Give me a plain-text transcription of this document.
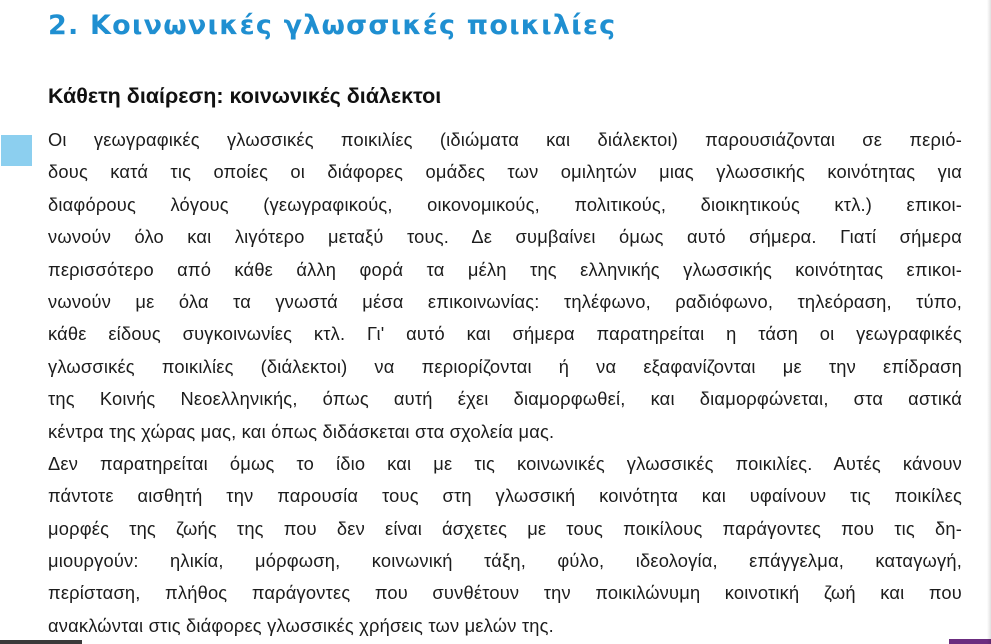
2. Κοινωνικές γλωσσικές ποικιλίες
Κάθετη διαίρεση: κοινωνικές διάλεκτοι
Οι γεωγραφικές γλωσσικές ποικιλίες (ιδιώματα και διάλεκτοι) παρουσιάζονται σε περιό-
δους κατά τις οποίες οι διάφορες ομάδες των ομιλητών μιας γλωσσικής κοινότητας για
διαφόρους λόγους (γεωγραφικούς, οικονομικούς, πολιτικούς, διοικητικούς κτλ.) επικοι-
νωνούν όλο και λιγότερο μεταξύ τους. Δε συμβαίνει όμως αυτό σήμερα. Γιατί σήμερα
περισσότερο από κάθε άλλη φορά τα μέλη της ελληνικής γλωσσικής κοινότητας επικοι-
νωνούν με όλα τα γνωστά μέσα επικοινωνίας: τηλέφωνο, ραδιόφωνο, τηλεόραση, τύπο,
κάθε είδους συγκοινωνίες κτλ. Γι' αυτό και σήμερα παρατηρείται η τάση οι γεωγραφικές
γλωσσικές ποικιλίες (διάλεκτοι) να περιορίζονται ή να εξαφανίζονται με την επίδραση
της Κοινής Νεοελληνικής, όπως αυτή έχει διαμορφωθεί, και διαμορφώνεται, στα αστικά
κέντρα της χώρας μας, και όπως διδάσκεται στα σχολεία μας.
Δεν παρατηρείται όμως το ίδιο και με τις κοινωνικές γλωσσικές ποικιλίες. Αυτές κάνουν
πάντοτε αισθητή την παρουσία τους στη γλωσσική κοινότητα και υφαίνουν τις ποικίλες
μορφές της ζωής της που δεν είναι άσχετες με τους ποικίλους παράγοντες που τις δη-
μιουργούν: ηλικία, μόρφωση, κοινωνική τάξη, φύλο, ιδεολογία, επάγγελμα, καταγωγή,
περίσταση, πλήθος παράγοντες που συνθέτουν την ποικιλώνυμη κοινοτική ζωή και που
ανακλώνται στις διάφορες γλωσσικές χρήσεις των μελών της.
